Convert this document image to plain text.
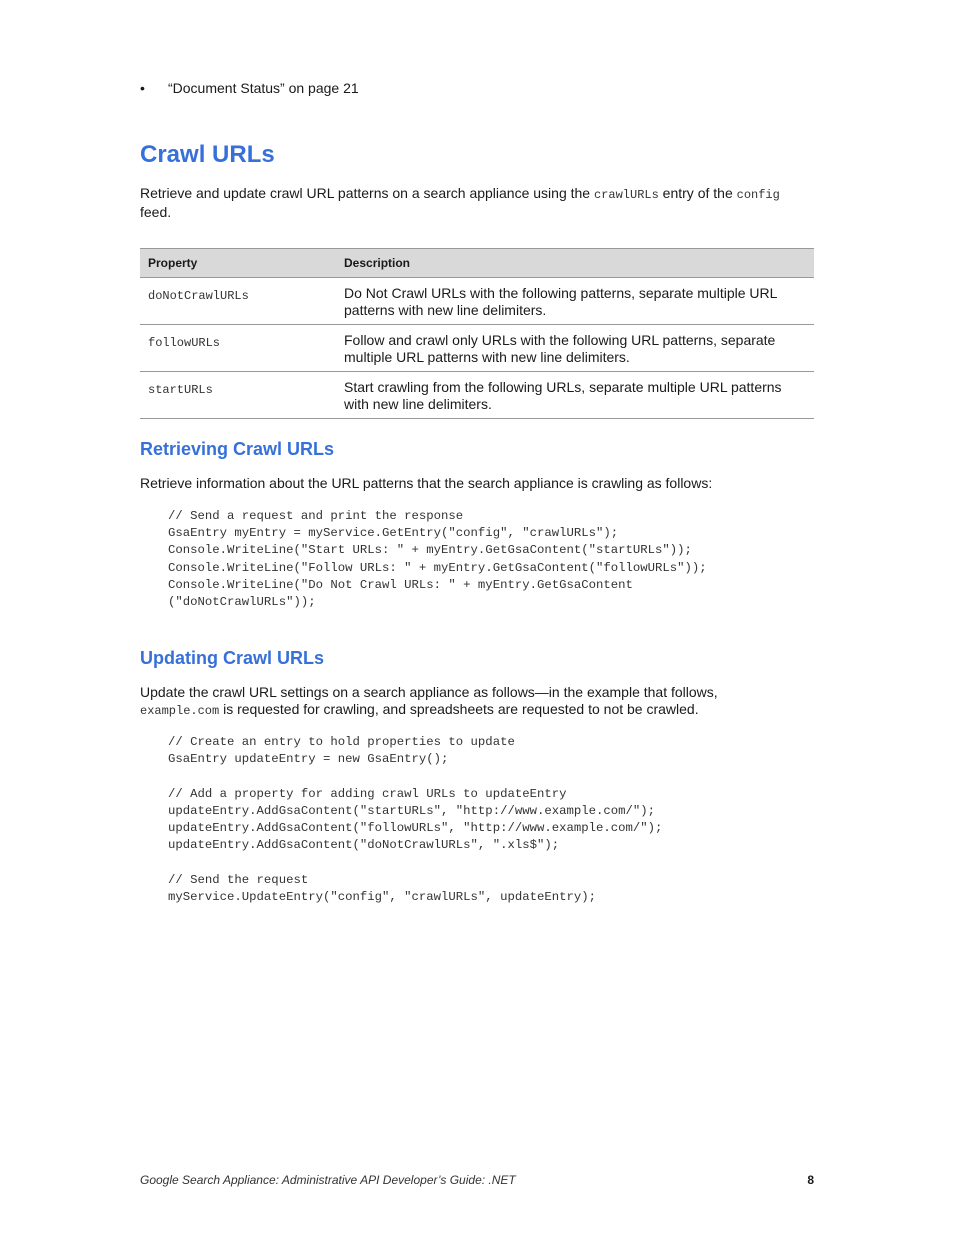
• “Document Status” on page 21
Crawl URLs

Retrieve and update crawl URL patterns on a search appliance using the crawlURLs entry of the config
feed.

Property	Description
doNotCrawlURLs	Do Not Crawl URLs with the following patterns, separate multiple URL patterns with new line delimiters.
followURLs	Follow and crawl only URLs with the following URL patterns, separate multiple URL patterns with new line delimiters.
startURLs	Start crawling from the following URLs, separate multiple URL patterns with new line delimiters.
Retrieving Crawl URLs

Retrieve information about the URL patterns that the search appliance is crawling as follows:

// Send a request and print the response
GsaEntry myEntry = myService.GetEntry("config", "crawlURLs");
Console.WriteLine("Start URLs: " + myEntry.GetGsaContent("startURLs"));
Console.WriteLine("Follow URLs: " + myEntry.GetGsaContent("followURLs"));
Console.WriteLine("Do Not Crawl URLs: " + myEntry.GetGsaContent
("doNotCrawlURLs"));
Updating Crawl URLs

Update the crawl URL settings on a search appliance as follows—in the example that follows,
example.com is requested for crawling, and spreadsheets are requested to not be crawled.

// Create an entry to hold properties to update
GsaEntry updateEntry = new GsaEntry();

// Add a property for adding crawl URLs to updateEntry
updateEntry.AddGsaContent("startURLs", "http://www.example.com/");
updateEntry.AddGsaContent("followURLs", "http://www.example.com/");
updateEntry.AddGsaContent("doNotCrawlURLs", ".xls$");

// Send the request
myService.UpdateEntry("config", "crawlURLs", updateEntry);
Google Search Appliance: Administrative API Developer’s Guide: .NET	8
